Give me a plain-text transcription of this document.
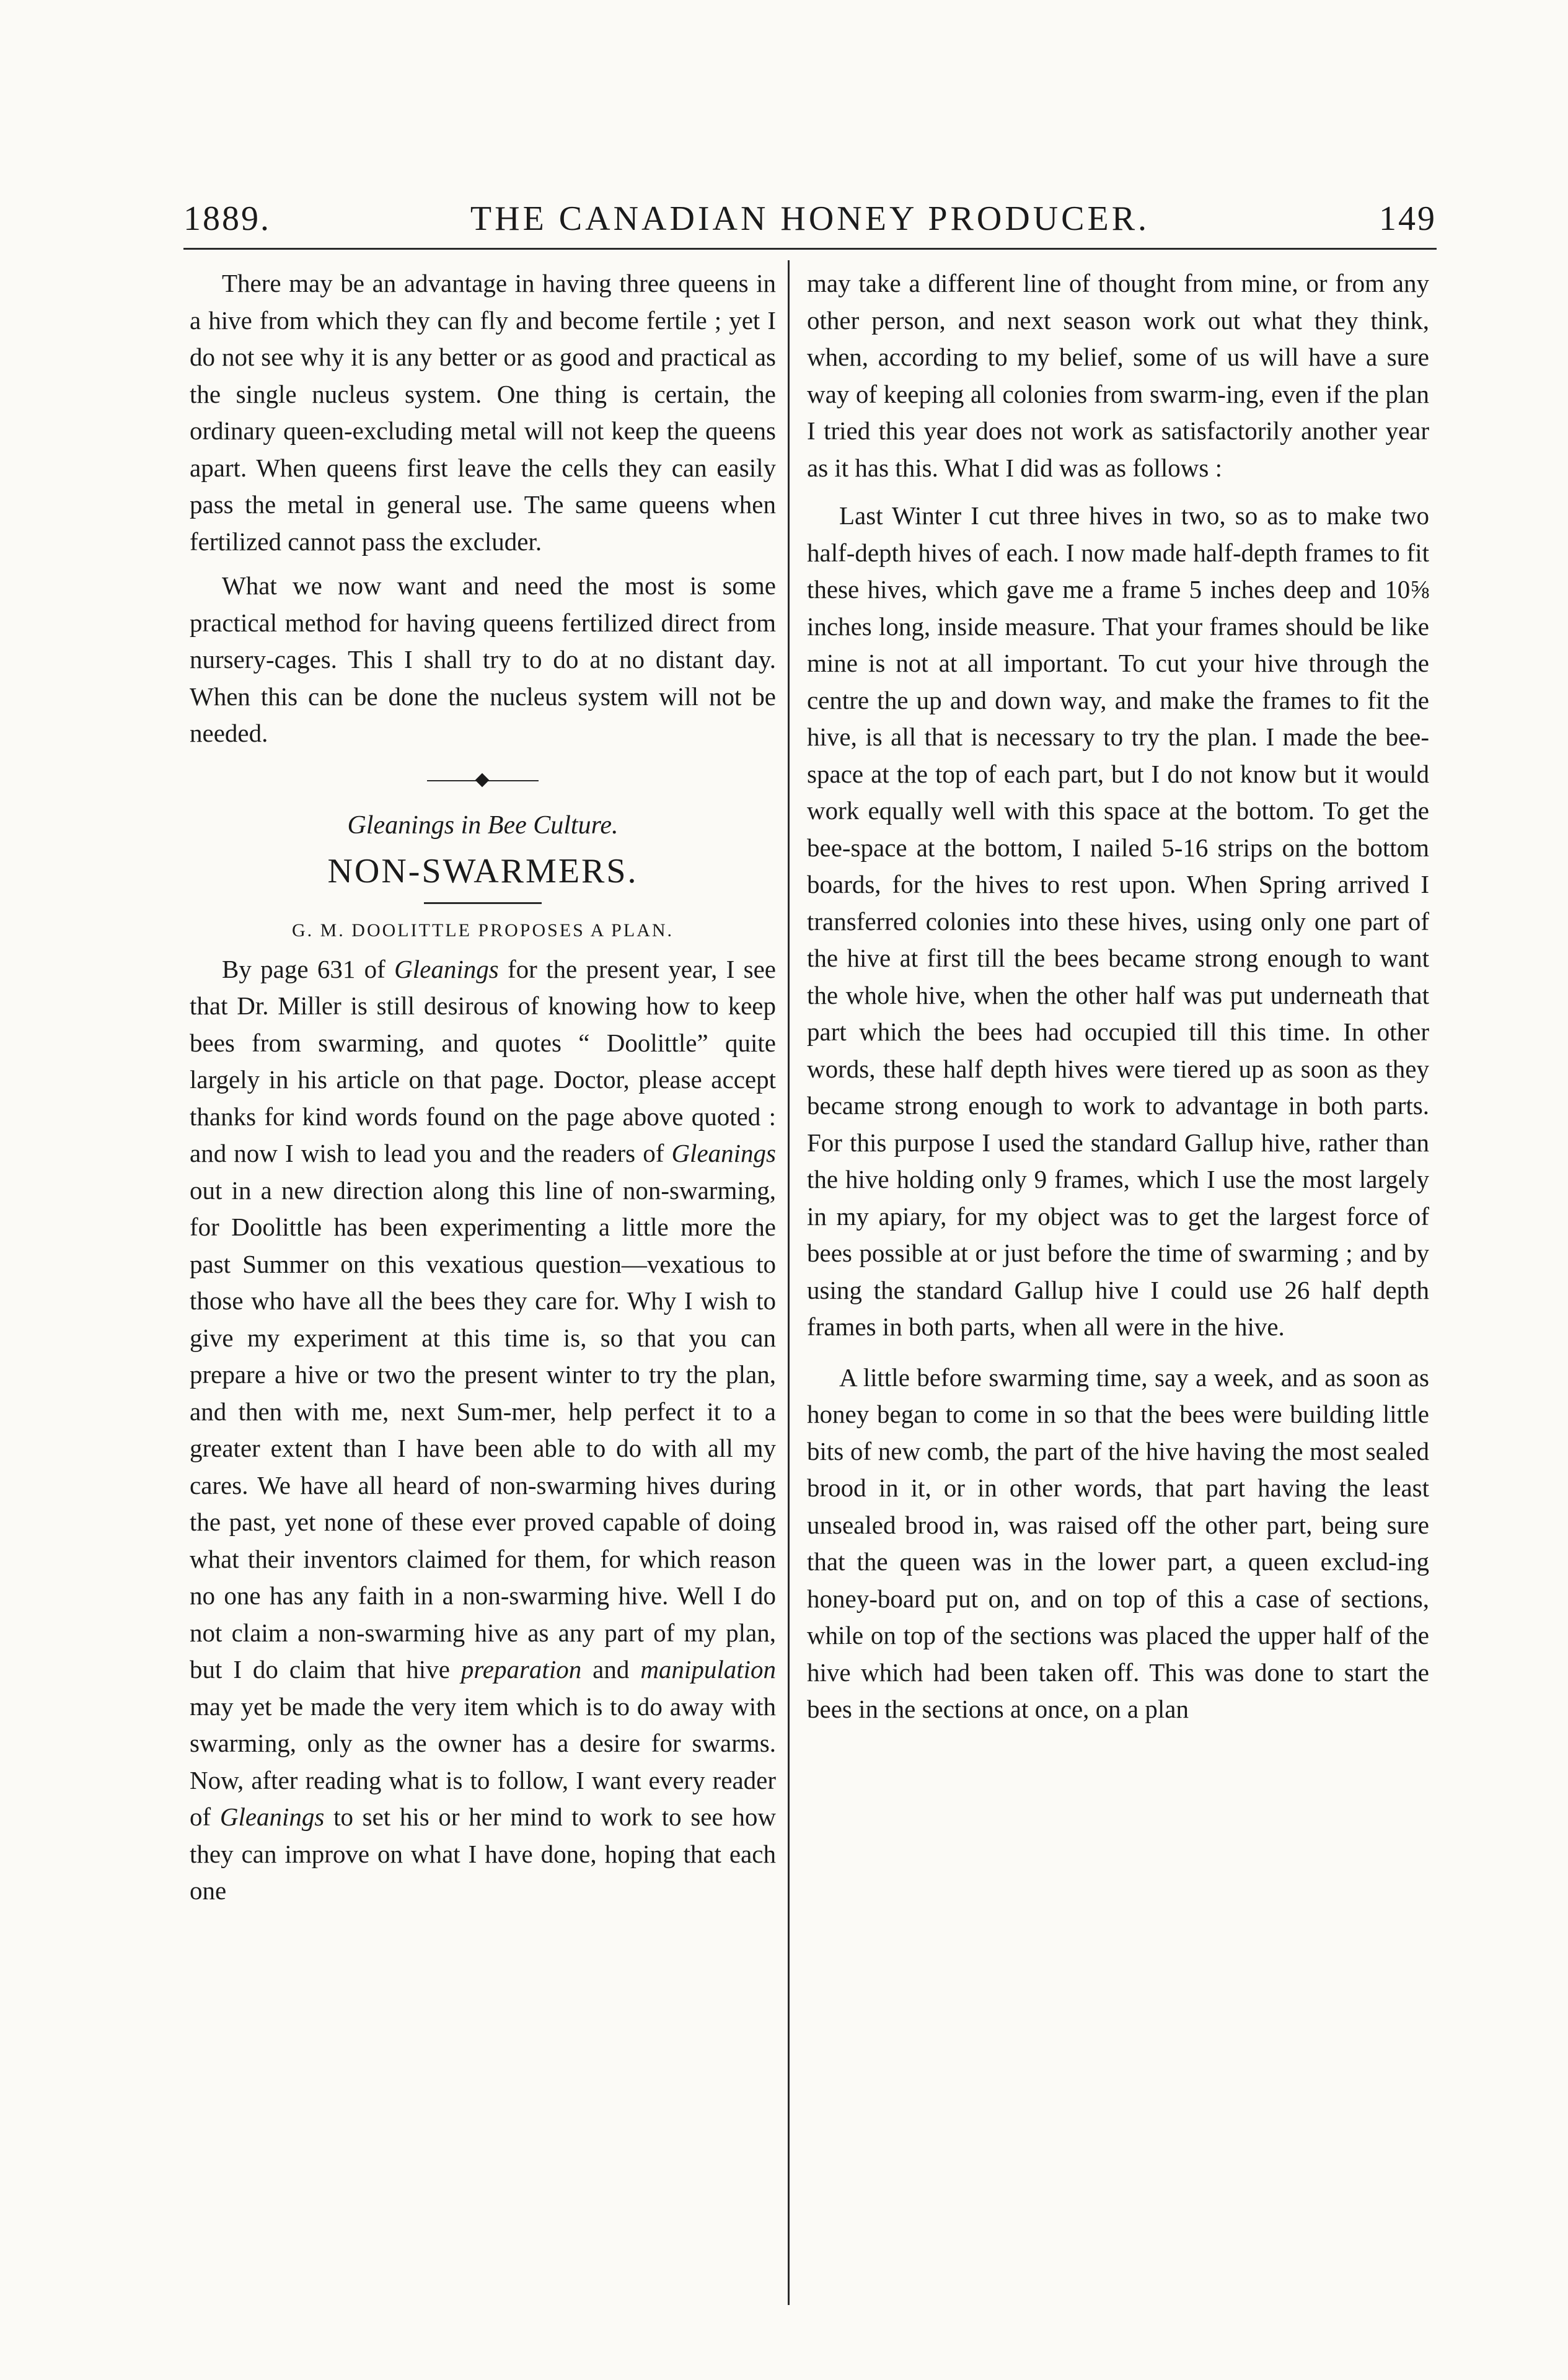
1889.	THE CANADIAN HONEY PRODUCER.	149

There may be an advantage in having three queens in a hive from which they can fly and become fertile ; yet I do not see why it is any better or as good and practical as the single nucleus system. One thing is certain, the ordinary queen-excluding metal will not keep the queens apart. When queens first leave the cells they can easily pass the metal in general use. The same queens when fertilized cannot pass the excluder.

What we now want and need the most is some practical method for having queens fertilized direct from nursery-cages. This I shall try to do at no distant day. When this can be done the nucleus system will not be needed.

Gleanings in Bee Culture.
NON-SWARMERS.
G. M. DOOLITTLE PROPOSES A PLAN.

By page 631 of Gleanings for the present year, I see that Dr. Miller is still desirous of knowing how to keep bees from swarming, and quotes “ Doolittle” quite largely in his article on that page. Doctor, please accept thanks for kind words found on the page above quoted : and now I wish to lead you and the readers of Gleanings out in a new direction along this line of non-swarming, for Doolittle has been experimenting a little more the past Summer on this vexatious question—vexatious to those who have all the bees they care for. Why I wish to give my experiment at this time is, so that you can prepare a hive or two the present winter to try the plan, and then with me, next Sum-mer, help perfect it to a greater extent than I have been able to do with all my cares. We have all heard of non-swarming hives during the past, yet none of these ever proved capable of doing what their inventors claimed for them, for which reason no one has any faith in a non-swarming hive. Well I do not claim a non-swarming hive as any part of my plan, but I do claim that hive preparation and manipulation may yet be made the very item which is to do away with swarming, only as the owner has a desire for swarms. Now, after reading what is to follow, I want every reader of Gleanings to set his or her mind to work to see how they can improve on what I have done, hoping that each one

may take a different line of thought from mine, or from any other person, and next season work out what they think, when, according to my belief, some of us will have a sure way of keeping all colonies from swarm-ing, even if the plan I tried this year does not work as satisfactorily another year as it has this. What I did was as follows :

Last Winter I cut three hives in two, so as to make two half-depth hives of each. I now made half-depth frames to fit these hives, which gave me a frame 5 inches deep and 10⅝ inches long, inside measure. That your frames should be like mine is not at all important. To cut your hive through the centre the up and down way, and make the frames to fit the hive, is all that is necessary to try the plan. I made the bee-space at the top of each part, but I do not know but it would work equally well with this space at the bottom. To get the bee-space at the bottom, I nailed 5-16 strips on the bottom boards, for the hives to rest upon. When Spring arrived I transferred colonies into these hives, using only one part of the hive at first till the bees became strong enough to want the whole hive, when the other half was put underneath that part which the bees had occupied till this time. In other words, these half depth hives were tiered up as soon as they became strong enough to work to advantage in both parts. For this purpose I used the standard Gallup hive, rather than the hive holding only 9 frames, which I use the most largely in my apiary, for my object was to get the largest force of bees possible at or just before the time of swarming ; and by using the standard Gallup hive I could use 26 half depth frames in both parts, when all were in the hive.

A little before swarming time, say a week, and as soon as honey began to come in so that the bees were building little bits of new comb, the part of the hive having the most sealed brood in it, or in other words, that part having the least unsealed brood in, was raised off the other part, being sure that the queen was in the lower part, a queen exclud-ing honey-board put on, and on top of this a case of sections, while on top of the sections was placed the upper half of the hive which had been taken off. This was done to start the bees in the sections at once, on a plan
